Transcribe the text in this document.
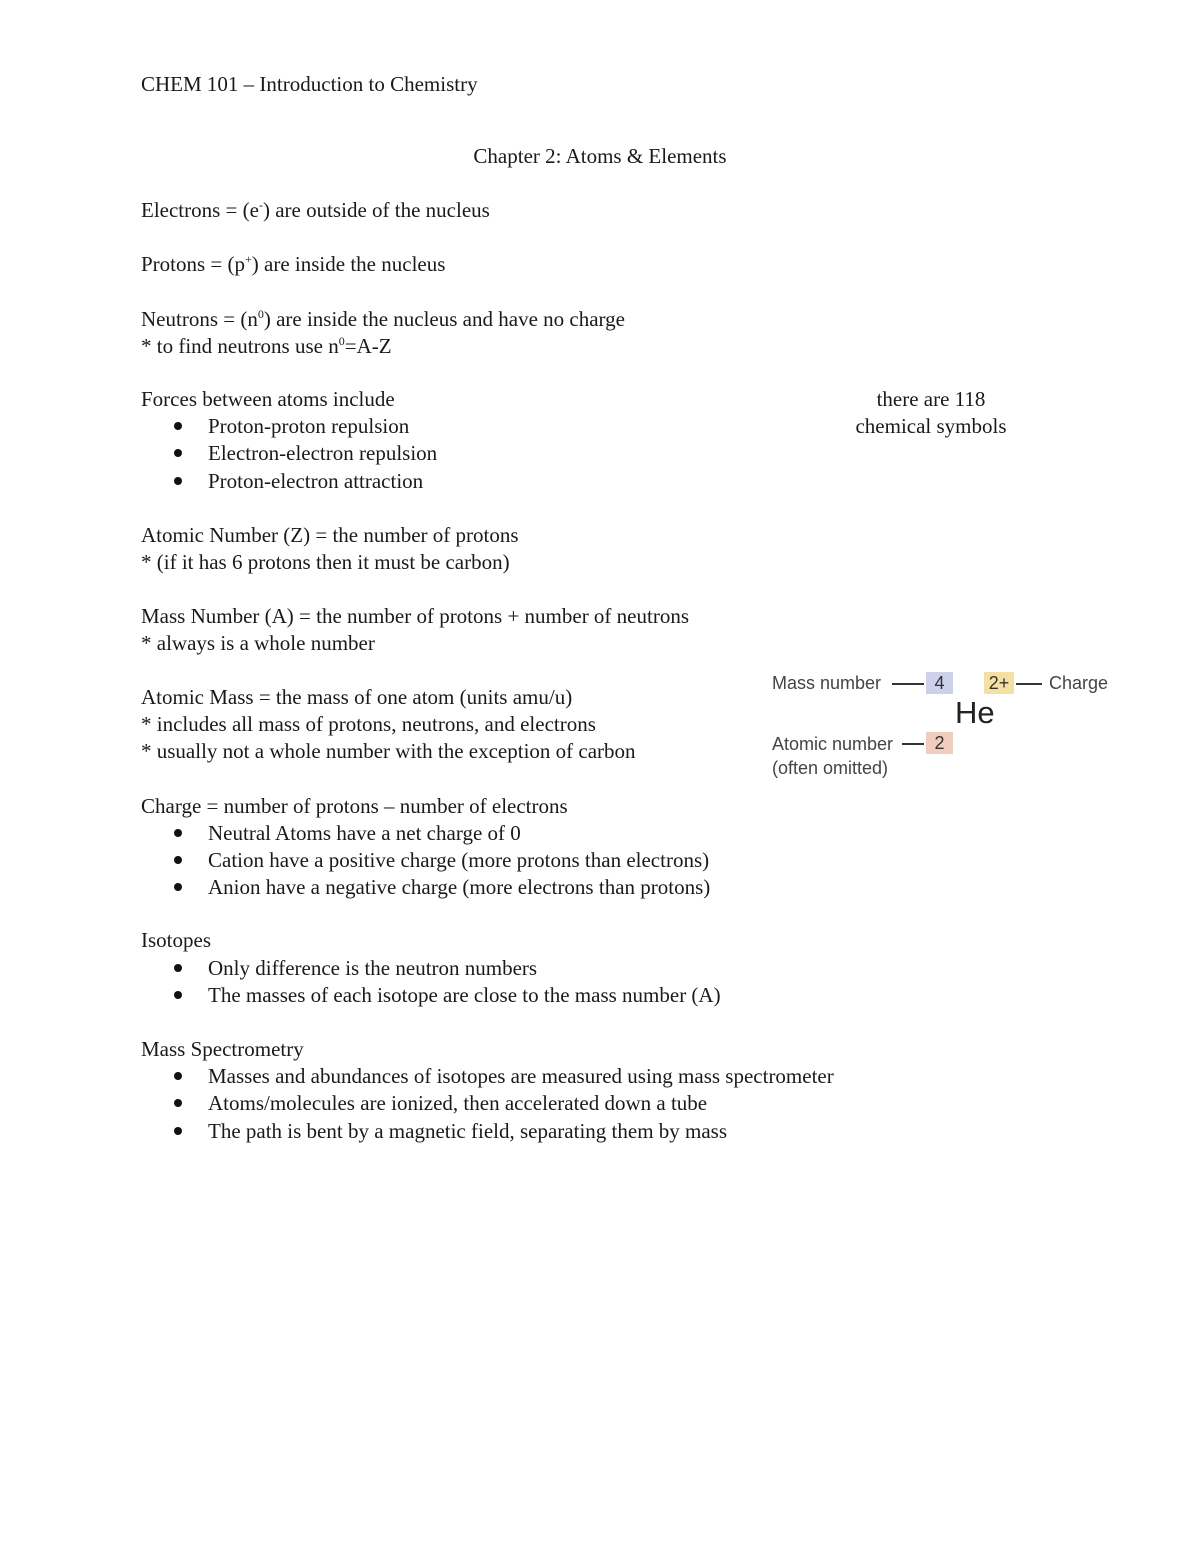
CHEM 101 – Introduction to Chemistry
Chapter 2: Atoms & Elements
Electrons = (e-) are outside of the nucleus
Protons = (p+) are inside the nucleus
Neutrons = $(n^0)$ are inside the nucleus and have no charge
* to find neutrons use $n^0=A-Z$
Forces between atoms include
Proton-proton repulsion
Electron-electron repulsion
Proton-electron attraction
there are 118
chemical symbols
Atomic Number (Z) = the number of protons
* (if it has 6 protons then it must be carbon)
Mass Number (A) = the number of protons + number of neutrons
* always is a whole number
Atomic Mass = the mass of one atom (units amu/u)
* includes all mass of protons, neutrons, and electrons
* usually not a whole number with the exception of carbon
Mass number	4	2+ Charge
He
Atomic number	2
(often omitted)
Charge = number of protons – number of electrons
Neutral Atoms have a net charge of 0
Cation have a positive charge (more protons than electrons)
Anion have a negative charge (more electrons than protons)
Isotopes
Only difference is the neutron numbers
The masses of each isotope are close to the mass number (A)
Mass Spectrometry
Masses and abundances of isotopes are measured using mass spectrometer
Atoms/molecules are ionized, then accelerated down a tube
The path is bent by a magnetic field, separating them by mass
